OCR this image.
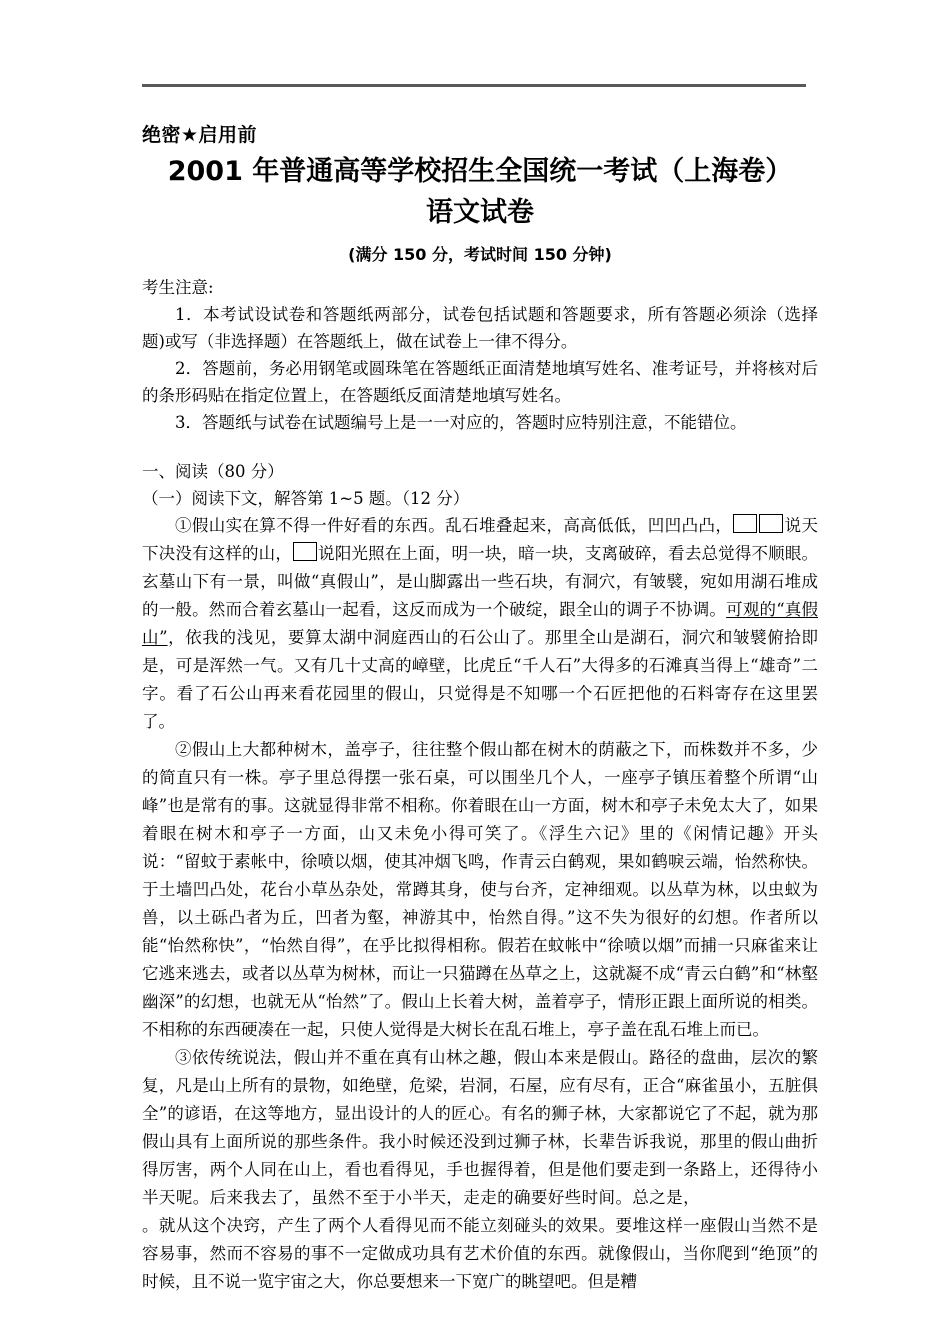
绝密★启用前

2001 年普通高等学校招生全国统一考试（上海卷）
语文试卷

(满分 150 分，考试时间 150 分钟)

考生注意:

1．本考试设试卷和答题纸两部分，试卷包括试题和答题要求，所有答题必须涂（选择题)或写（非选择题）在答题纸上，做在试卷上一律不得分。

2．答题前，务必用钢笔或圆珠笔在答题纸正面清楚地填写姓名、准考证号，并将核对后的条形码贴在指定位置上，在答题纸反面清楚地填写姓名。

3．答题纸与试卷在试题编号上是一一对应的，答题时应特别注意，不能错位。

一、阅读（80 分）

（一）阅读下文，解答第 1~5 题。（12 分）

①假山实在算不得一件好看的东西。乱石堆叠起来，高高低低，凹凹凸凸，	说天下决没有这样的山， 说阳光照在上面，明一块，暗一块，支离破碎，看去总觉得不顺眼。玄墓山下有一景，叫做“真假山”，是山脚露出一些石块，有洞穴，有皱襞，宛如用湖石堆成的一般。然而合着玄墓山一起看，这反而成为一个破绽，跟全山的调子不协调。可观的“真假山”，依我的浅见，要算太湖中洞庭西山的石公山了。那里全山是湖石，洞穴和皱襞俯拾即是，可是浑然一气。又有几十丈高的嶂壁，比虎丘“千人石”大得多的石滩真当得上“雄奇”二字。看了石公山再来看花园里的假山，只觉得是不知哪一个石匠把他的石料寄存在这里罢了。

②假山上大都种树木，盖亭子，往往整个假山都在树木的荫蔽之下，而株数并不多，少的简直只有一株。亭子里总得摆一张石桌，可以围坐几个人，一座亭子镇压着整个所谓“山峰”也是常有的事。这就显得非常不相称。你着眼在山一方面，树木和亭子未免太大了，如果着眼在树木和亭子一方面，山又未免小得可笑了。《浮生六记》里的《闲情记趣》开头说：“留蚊于素帐中，徐喷以烟，使其冲烟飞鸣，作青云白鹤观，果如鹤唳云端，怡然称快。于土墙凹凸处，花台小草丛杂处，常蹲其身，使与台齐，定神细观。以丛草为林，以虫蚁为兽，以土砾凸者为丘，凹者为壑，神游其中，怡然自得。”这不失为很好的幻想。作者所以能“怡然称快”，“怡然自得”，在乎比拟得相称。假若在蚊帐中“徐喷以烟”而捕一只麻雀来让它逃来逃去，或者以丛草为树林，而让一只猫蹲在丛草之上，这就凝不成“青云白鹤”和“林壑幽深”的幻想，也就无从“怡然”了。假山上长着大树，盖着亭子，情形正跟上面所说的相类。不相称的东西硬凑在一起，只使人觉得是大树长在乱石堆上，亭子盖在乱石堆上而已。

③依传统说法，假山并不重在真有山林之趣，假山本来是假山。路径的盘曲，层次的繁复，凡是山上所有的景物，如绝壁，危梁，岩洞，石屋，应有尽有，正合“麻雀虽小，五脏俱全”的谚语，在这等地方，显出设计的人的匠心。有名的狮子林，大家都说它了不起，就为那假山具有上面所说的那些条件。我小时候还没到过狮子林，长辈告诉我说，那里的假山曲折得厉害，两个人同在山上，看也看得见，手也握得着，但是他们要走到一条路上，还得待小半天呢。后来我去了，虽然不至于小半天，走走的确要好些时间。总之是，。就从这个决窍，产生了两个人看得见而不能立刻碰头的效果。要堆这样一座假山当然不是容易事，然而不容易的事不一定做成功具有艺术价值的东西。就像假山，当你爬到“绝顶”的时候，且不说一览宇宙之大，你总要想来一下宽广的眺望吧。但是糟
